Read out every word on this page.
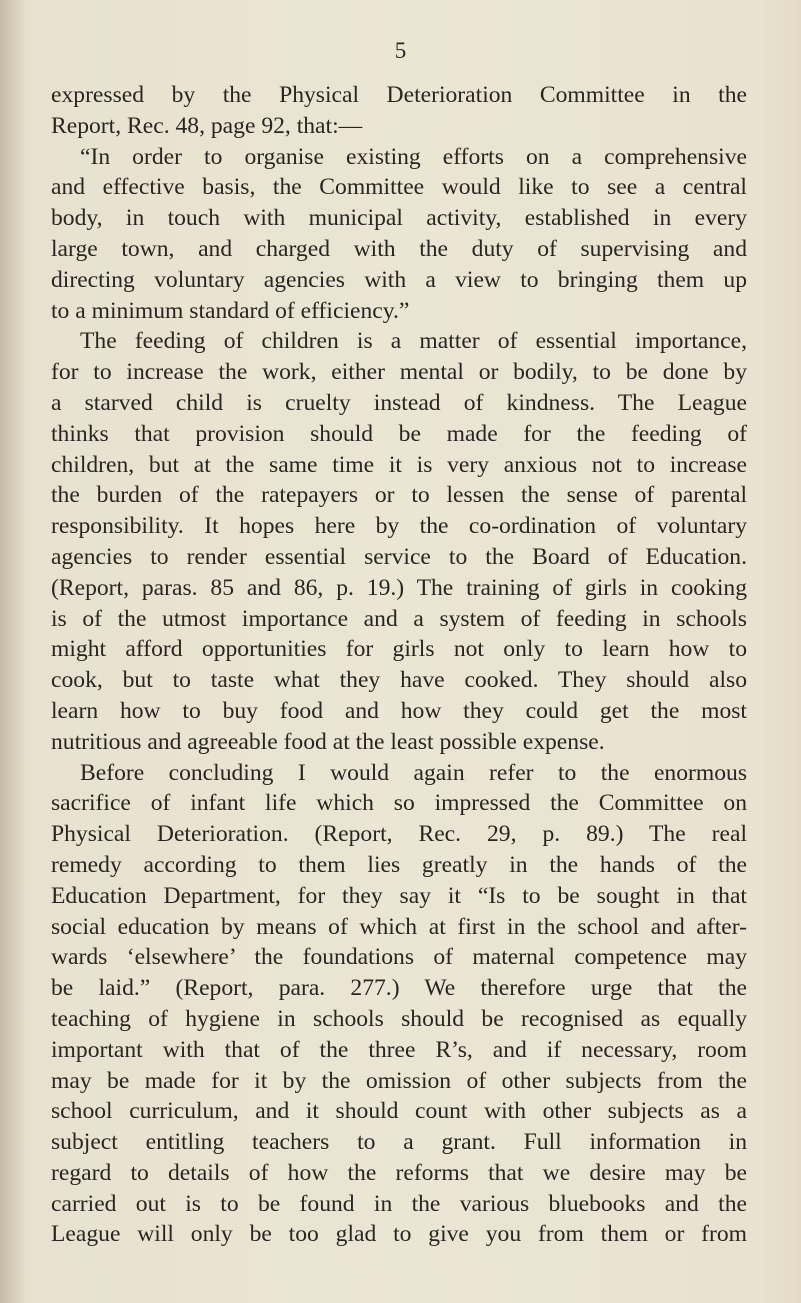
5
expressed by the Physical Deterioration Committee in the
Report, Rec. 48, page 92, that:—
“In order to organise existing efforts on a comprehensive
and effective basis, the Committee would like to see a central
body, in touch with municipal activity, established in every
large town, and charged with the duty of supervising and
directing voluntary agencies with a view to bringing them up
to a minimum standard of efficiency.”
The feeding of children is a matter of essential importance,
for to increase the work, either mental or bodily, to be done by
a starved child is cruelty instead of kindness. The League
thinks that provision should be made for the feeding of
children, but at the same time it is very anxious not to increase
the burden of the ratepayers or to lessen the sense of parental
responsibility. It hopes here by the co-ordination of voluntary
agencies to render essential service to the Board of Education.
(Report, paras. 85 and 86, p. 19.) The training of girls in cooking
is of the utmost importance and a system of feeding in schools
might afford opportunities for girls not only to learn how to
cook, but to taste what they have cooked. They should also
learn how to buy food and how they could get the most
nutritious and agreeable food at the least possible expense.
Before concluding I would again refer to the enormous
sacrifice of infant life which so impressed the Committee on
Physical Deterioration. (Report, Rec. 29, p. 89.) The real
remedy according to them lies greatly in the hands of the
Education Department, for they say it “Is to be sought in that
social education by means of which at first in the school and after-
wards ‘elsewhere’ the foundations of maternal competence may
be laid.” (Report, para. 277.) We therefore urge that the
teaching of hygiene in schools should be recognised as equally
important with that of the three R’s, and if necessary, room
may be made for it by the omission of other subjects from the
school curriculum, and it should count with other subjects as a
subject entitling teachers to a grant. Full information in
regard to details of how the reforms that we desire may be
carried out is to be found in the various bluebooks and the
League will only be too glad to give you from them or from
